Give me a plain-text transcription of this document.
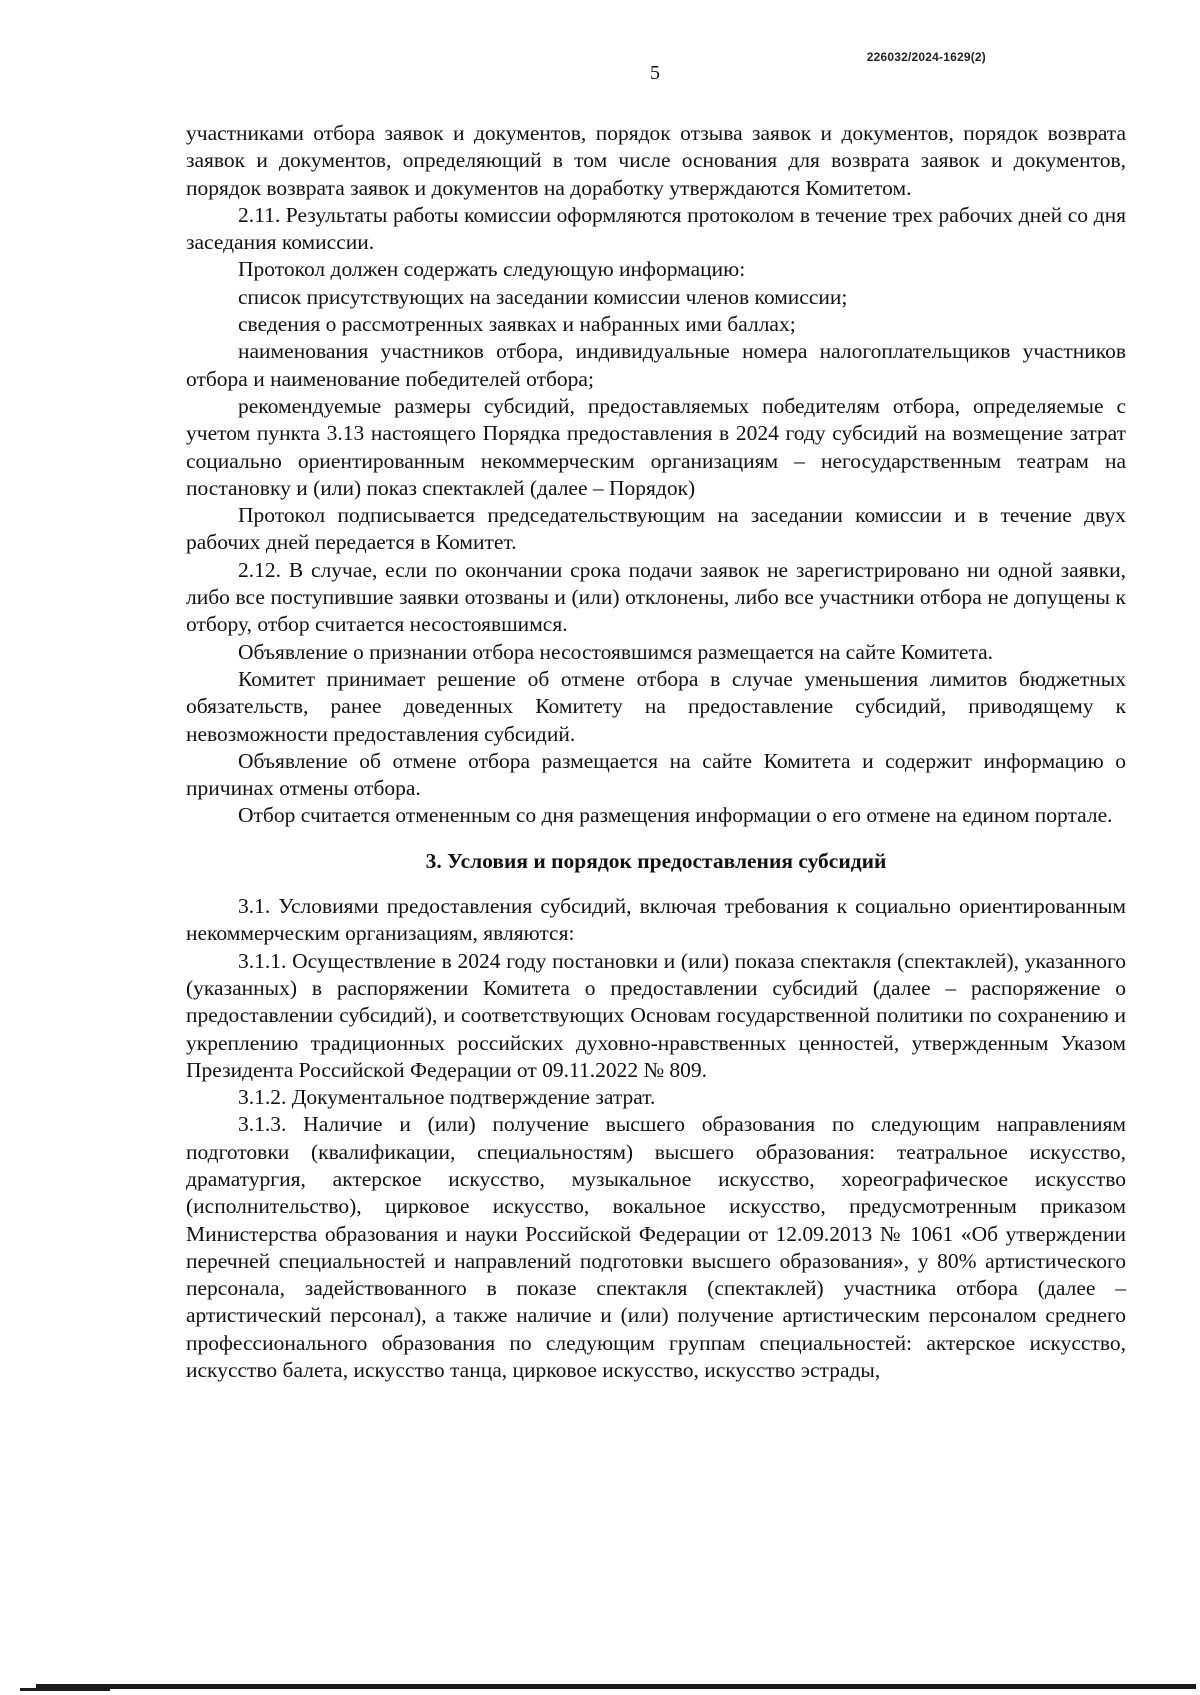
226032/2024-1629(2)
5

участниками отбора заявок и документов, порядок отзыва заявок и документов, порядок возврата заявок и документов, определяющий в том числе основания для возврата заявок и документов, порядок возврата заявок и документов на доработку утверждаются Комитетом.

2.11. Результаты работы комиссии оформляются протоколом в течение трех рабочих дней со дня заседания комиссии.

Протокол должен содержать следующую информацию:

список присутствующих на заседании комиссии членов комиссии;

сведения о рассмотренных заявках и набранных ими баллах;

наименования участников отбора, индивидуальные номера налогоплательщиков участников отбора и наименование победителей отбора;

рекомендуемые размеры субсидий, предоставляемых победителям отбора, определяемые с учетом пункта 3.13 настоящего Порядка предоставления в 2024 году субсидий на возмещение затрат социально ориентированным некоммерческим организациям – негосударственным театрам на постановку и (или) показ спектаклей (далее – Порядок)

Протокол подписывается председательствующим на заседании комиссии и в течение двух рабочих дней передается в Комитет.

2.12. В случае, если по окончании срока подачи заявок не зарегистрировано ни одной заявки, либо все поступившие заявки отозваны и (или) отклонены, либо все участники отбора не допущены к отбору, отбор считается несостоявшимся.

Объявление о признании отбора несостоявшимся размещается на сайте Комитета.

Комитет принимает решение об отмене отбора в случае уменьшения лимитов бюджетных обязательств, ранее доведенных Комитету на предоставление субсидий, приводящему к невозможности предоставления субсидий.

Объявление об отмене отбора размещается на сайте Комитета и содержит информацию о причинах отмены отбора.

Отбор считается отмененным со дня размещения информации о его отмене на едином портале.

3. Условия и порядок предоставления субсидий

3.1. Условиями предоставления субсидий, включая требования к социально ориентированным некоммерческим организациям, являются:

3.1.1. Осуществление в 2024 году постановки и (или) показа спектакля (спектаклей), указанного (указанных) в распоряжении Комитета о предоставлении субсидий (далее – распоряжение о предоставлении субсидий), и соответствующих Основам государственной политики по сохранению и укреплению традиционных российских духовно-нравственных ценностей, утвержденным Указом Президента Российской Федерации от 09.11.2022 № 809.

3.1.2. Документальное подтверждение затрат.

3.1.3. Наличие и (или) получение высшего образования по следующим направлениям подготовки (квалификации, специальностям) высшего образования: театральное искусство, драматургия, актерское искусство, музыкальное искусство, хореографическое искусство (исполнительство), цирковое искусство, вокальное искусство, предусмотренным приказом Министерства образования и науки Российской Федерации от 12.09.2013 № 1061 «Об утверждении перечней специальностей и направлений подготовки высшего образования», у 80% артистического персонала, задействованного в показе спектакля (спектаклей) участника отбора (далее – артистический персонал), а также наличие и (или) получение артистическим персоналом среднего профессионального образования по следующим группам специальностей: актерское искусство, искусство балета, искусство танца, цирковое искусство, искусство эстрады,
